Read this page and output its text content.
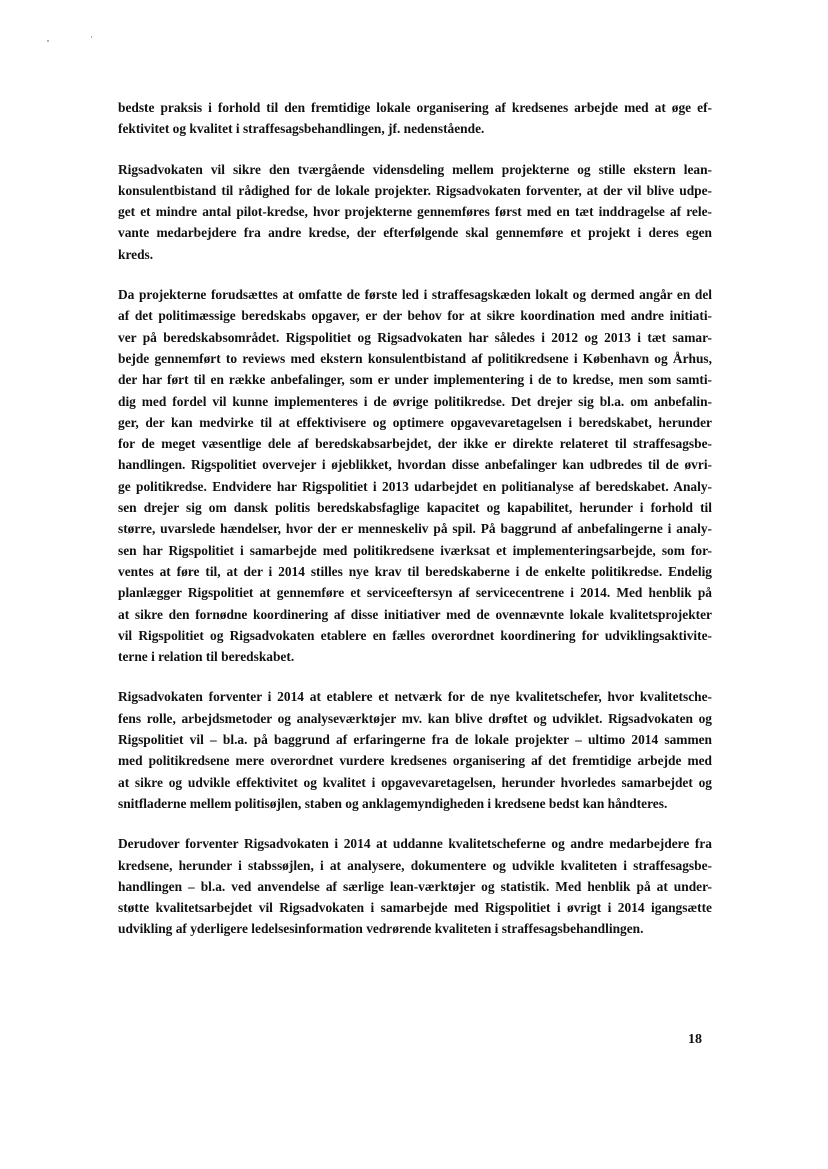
bedste praksis i forhold til den fremtidige lokale organisering af kredsenes arbejde med at øge ef-
fektivitet og kvalitet i straffesagsbehandlingen, jf. nedenstående.

Rigsadvokaten vil sikre den tværgående vidensdeling mellem projekterne og stille ekstern lean-
konsulentbistand til rådighed for de lokale projekter. Rigsadvokaten forventer, at der vil blive udpe-
get et mindre antal pilot-kredse, hvor projekterne gennemføres først med en tæt inddragelse af rele-
vante medarbejdere fra andre kredse, der efterfølgende skal gennemføre et projekt i deres egen
kreds.

Da projekterne forudsættes at omfatte de første led i straffesagskæden lokalt og dermed angår en del
af det politimæssige beredskabs opgaver, er der behov for at sikre koordination med andre initiati-
ver på beredskabsområdet. Rigspolitiet og Rigsadvokaten har således i 2012 og 2013 i tæt samar-
bejde gennemført to reviews med ekstern konsulentbistand af politikredsene i København og Århus,
der har ført til en række anbefalinger, som er under implementering i de to kredse, men som samti-
dig med fordel vil kunne implementeres i de øvrige politikredse. Det drejer sig bl.a. om anbefalin-
ger, der kan medvirke til at effektivisere og optimere opgavevaretagelsen i beredskabet, herunder
for de meget væsentlige dele af beredskabsarbejdet, der ikke er direkte relateret til straffesagsbe-
handlingen. Rigspolitiet overvejer i øjeblikket, hvordan disse anbefalinger kan udbredes til de øvri-
ge politikredse. Endvidere har Rigspolitiet i 2013 udarbejdet en politianalyse af beredskabet. Analy-
sen drejer sig om dansk politis beredskabsfaglige kapacitet og kapabilitet, herunder i forhold til
større, uvarslede hændelser, hvor der er menneskeliv på spil. På baggrund af anbefalingerne i analy-
sen har Rigspolitiet i samarbejde med politikredsene iværksat et implementeringsarbejde, som for-
ventes at føre til, at der i 2014 stilles nye krav til beredskaberne i de enkelte politikredse. Endelig
planlægger Rigspolitiet at gennemføre et serviceeftersyn af servicecentrene i 2014. Med henblik på
at sikre den fornødne koordinering af disse initiativer med de ovennævnte lokale kvalitetsprojekter
vil Rigspolitiet og Rigsadvokaten etablere en fælles overordnet koordinering for udviklingsaktivite-
terne i relation til beredskabet.

Rigsadvokaten forventer i 2014 at etablere et netværk for de nye kvalitetschefer, hvor kvalitetsche-
fens rolle, arbejdsmetoder og analyseværktøjer mv. kan blive drøftet og udviklet. Rigsadvokaten og
Rigspolitiet vil – bl.a. på baggrund af erfaringerne fra de lokale projekter – ultimo 2014 sammen
med politikredsene mere overordnet vurdere kredsenes organisering af det fremtidige arbejde med
at sikre og udvikle effektivitet og kvalitet i opgavevaretagelsen, herunder hvorledes samarbejdet og
snitfladerne mellem politisøjlen, staben og anklagemyndigheden i kredsene bedst kan håndteres.

Derudover forventer Rigsadvokaten i 2014 at uddanne kvalitetscheferne og andre medarbejdere fra
kredsene, herunder i stabssøjlen, i at analysere, dokumentere og udvikle kvaliteten i straffesagsbe-
handlingen – bl.a. ved anvendelse af særlige lean-værktøjer og statistik. Med henblik på at under-
støtte kvalitetsarbejdet vil Rigsadvokaten i samarbejde med Rigspolitiet i øvrigt i 2014 igangsætte
udvikling af yderligere ledelsesinformation vedrørende kvaliteten i straffesagsbehandlingen.

18
